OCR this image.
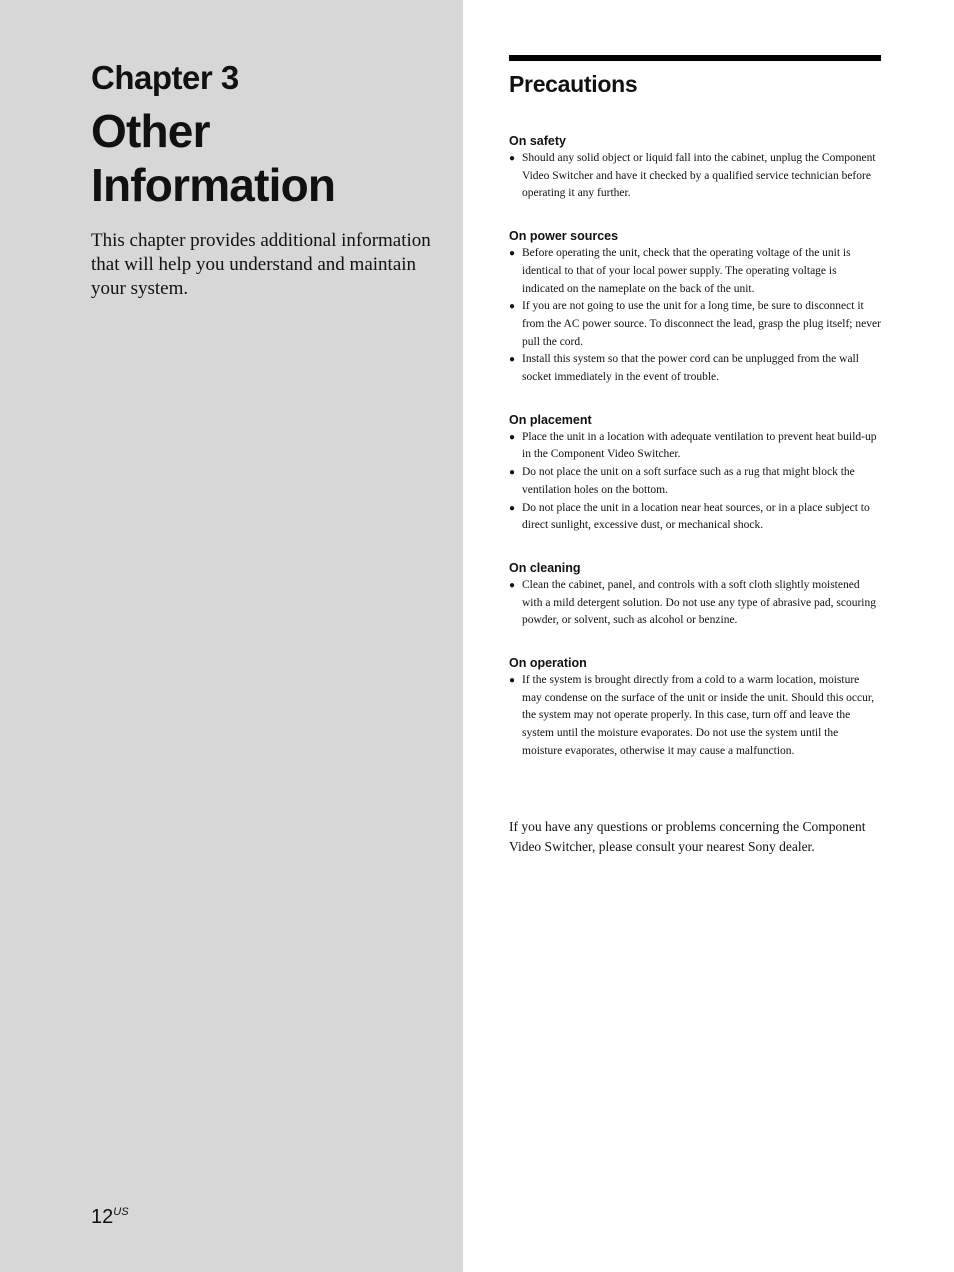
Chapter 3
Other Information
This chapter provides additional information that will help you understand and maintain your system.
$12^{US}$
Precautions
On safety
● Should any solid object or liquid fall into the cabinet, unplug the Component Video Switcher and have it checked by a qualified service technician before operating it any further.
On power sources
● Before operating the unit, check that the operating voltage of the unit is identical to that of your local power supply. The operating voltage is indicated on the nameplate on the back of the unit.
● If you are not going to use the unit for a long time, be sure to disconnect it from the AC power source. To disconnect the lead, grasp the plug itself; never pull the cord.
● Install this system so that the power cord can be unplugged from the wall socket immediately in the event of trouble.
On placement
● Place the unit in a location with adequate ventilation to prevent heat build-up in the Component Video Switcher.
● Do not place the unit on a soft surface such as a rug that might block the ventilation holes on the bottom.
● Do not place the unit in a location near heat sources, or in a place subject to direct sunlight, excessive dust, or mechanical shock.
On cleaning
● Clean the cabinet, panel, and controls with a soft cloth slightly moistened with a mild detergent solution. Do not use any type of abrasive pad, scouring powder, or solvent, such as alcohol or benzine.
On operation
● If the system is brought directly from a cold to a warm location, moisture may condense on the surface of the unit or inside the unit. Should this occur, the system may not operate properly. In this case, turn off and leave the system until the moisture evaporates. Do not use the system until the moisture evaporates, otherwise it may cause a malfunction.
If you have any questions or problems concerning the Component Video Switcher, please consult your nearest Sony dealer.
